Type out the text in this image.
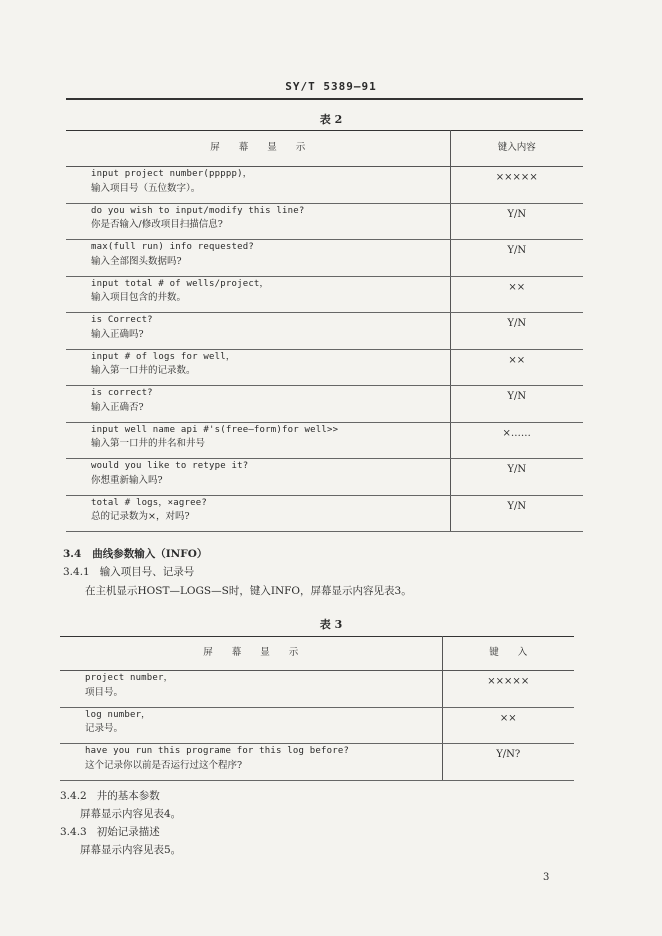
SY/T 5389—91
表 2
屏　　幕　　显　　示	键入内容

input project number(ppppp)，
输入项目号（五位数字）。	×××××

do you wish to input/modify this line?
你是否输入/修改项目扫描信息?	Y/N

max(full run) info requested?
输入全部图头数据吗?	Y/N

input total # of wells/project，
输入项目包含的井数。	××

is Correct?
输入正确吗?	Y/N

input # of logs for well，
输入第一口井的记录数。	××

is correct?
输入正确否?	Y/N

input well name api #'s(free—form)for well>>
输入第一口井的井名和井号	×……

would you like to retype it?
你想重新输入吗?	Y/N

total # logs，×agree?
总的记录数为×，对吗?	Y/N
3.4 曲线参数输入（INFO）
3.4.1 输入项目号、记录号
在主机显示HOST—LOGS—S时，键入INFO，屏幕显示内容见表3。
表 3
屏　　幕　　显　　示	键　　入

project number，
项目号。	×××××

log number，
记录号。	××

have you run this programe for this log before?
这个记录你以前是否运行过这个程序?	Y/N?
3.4.2 井的基本参数
屏幕显示内容见表4。
3.4.3 初始记录描述
屏幕显示内容见表5。
3
